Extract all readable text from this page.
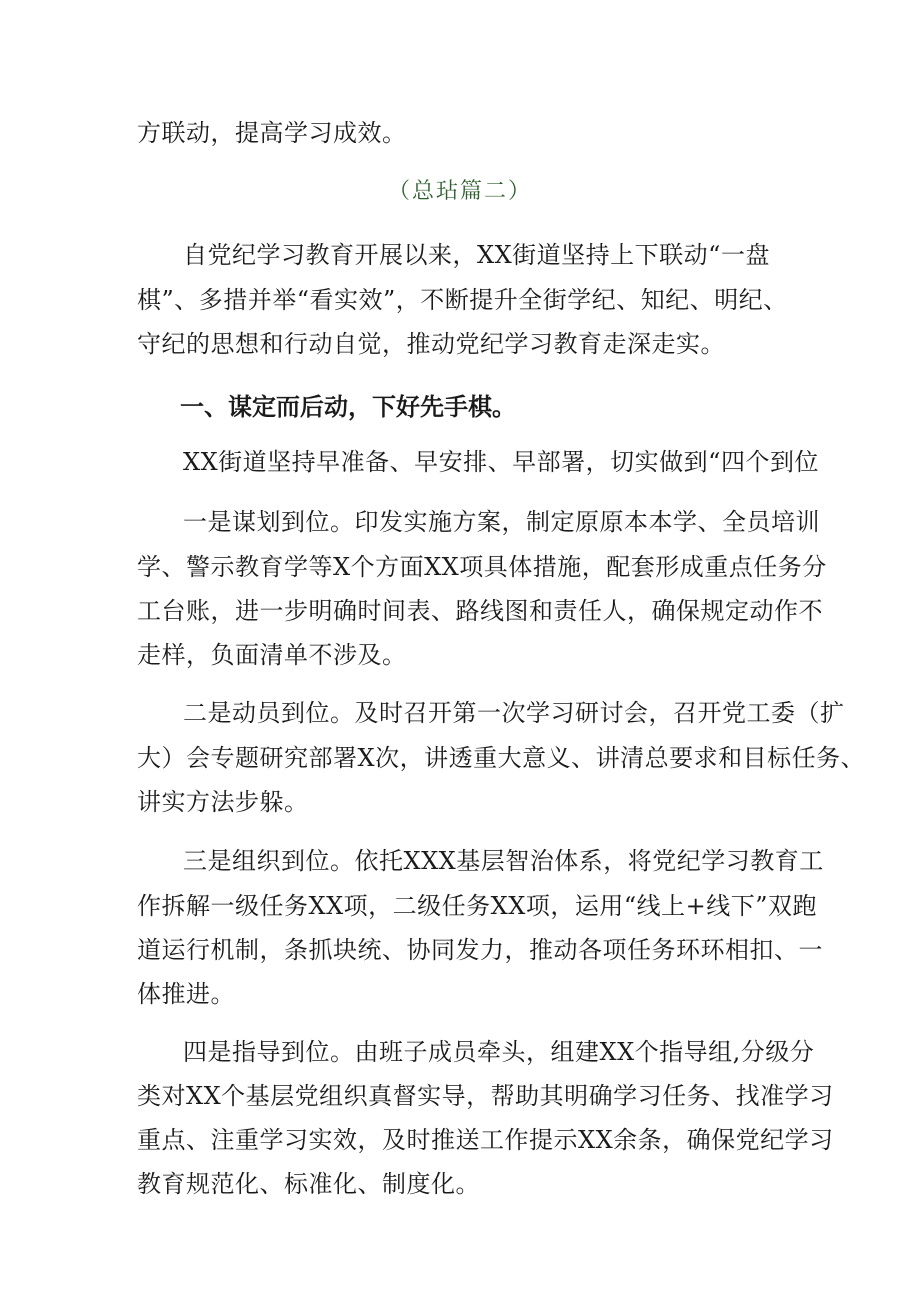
方联动，提高学习成效。
（总玷篇二）
自党纪学习教育开展以来，XX街道坚持上下联动“一盘
棋”、多措并举“看实效”，不断提升全街学纪、知纪、明纪、
守纪的思想和行动自觉，推动党纪学习教育走深走实。
一、谋定而后动，下好先手棋。
XX街道坚持早准备、早安排、早部署，切实做到“四个到位
一是谋划到位。印发实施方案，制定原原本本学、全员培训
学、警示教育学等X个方面XX项具体措施，配套形成重点任务分
工台账，进一步明确时间表、路线图和责任人，确保规定动作不
走样，负面清单不涉及。
二是动员到位。及时召开第一次学习研讨会，召开党工委（扩
大）会专题研究部署X次，讲透重大意义、讲清总要求和目标任务、
讲实方法步躲。
三是组织到位。依托XXX基层智治体系，将党纪学习教育工
作拆解一级任务XX项，二级任务XX项，运用“线上+线下”双跑
道运行机制，条抓块统、协同发力，推动各项任务环环相扣、一
体推进。
四是指导到位。由班子成员牵头，组建XX个指导组,分级分
类对XX个基层党组织真督实导，帮助其明确学习任务、找准学习
重点、注重学习实效，及时推送工作提示XX余条，确保党纪学习
教育规范化、标准化、制度化。
